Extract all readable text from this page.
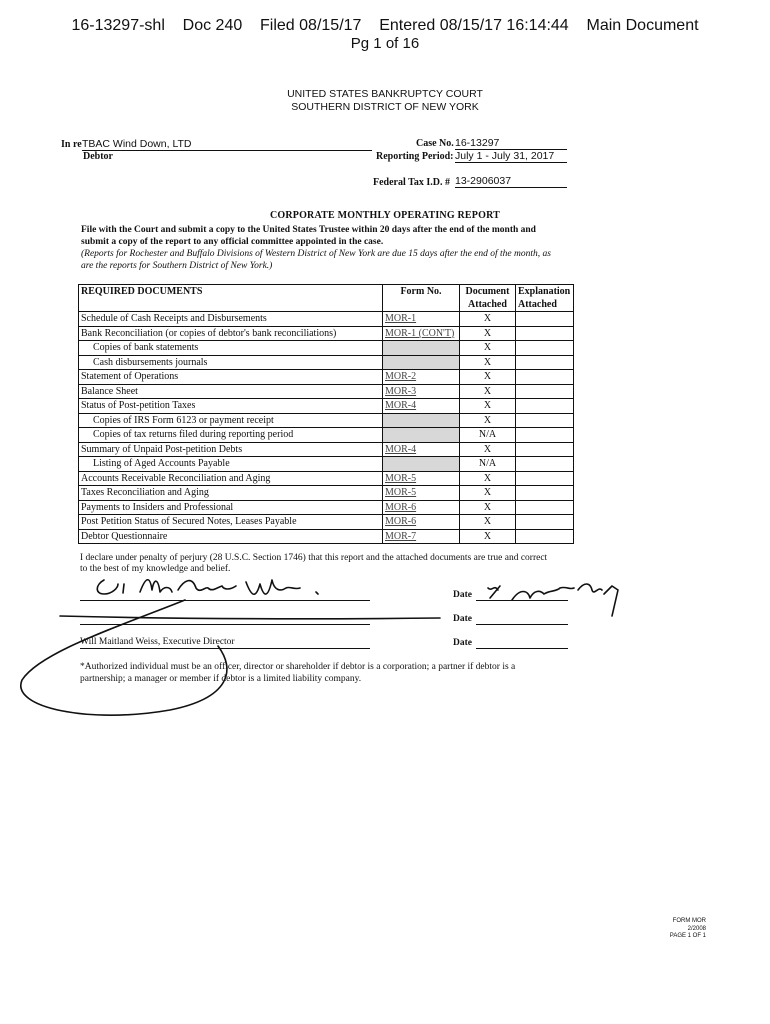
16-13297-shl    Doc 240    Filed 08/15/17    Entered 08/15/17 16:14:44    Main Document
Pg 1 of 16
UNITED STATES BANKRUPTCY COURT
SOUTHERN DISTRICT OF NEW YORK
In re TBAC Wind Down, LTD
Debtor
Case No. 16-13297
Reporting Period: July 1 - July 31, 2017
Federal Tax I.D. # 13-2906037
CORPORATE MONTHLY OPERATING REPORT
File with the Court and submit a copy to the United States Trustee within 20 days after the end of the month and submit a copy of the report to any official committee appointed in the case.
(Reports for Rochester and Buffalo Divisions of Western District of New York are due 15 days after the end of the month, as are the reports for Southern District of New York.)
REQUIRED DOCUMENTS	Form No.	Document Attached	Explanation Attached
Schedule of Cash Receipts and Disbursements	MOR-1	X	
Bank Reconciliation (or copies of debtor's bank reconciliations)	MOR-1 (CON'T)	X	
Copies of bank statements		X	
Cash disbursements journals		X	
Statement of Operations	MOR-2	X	
Balance Sheet	MOR-3	X	
Status of Post-petition Taxes	MOR-4	X	
Copies of IRS Form 6123 or payment receipt		X	
Copies of tax returns filed during reporting period		N/A	
Summary of Unpaid Post-petition Debts	MOR-4	X	
Listing of Aged Accounts Payable		N/A	
Accounts Receivable Reconciliation and Aging	MOR-5	X	
Taxes Reconciliation and Aging	MOR-5	X	
Payments to Insiders and Professional	MOR-6	X	
Post Petition Status of Secured Notes, Leases Payable	MOR-6	X	
Debtor Questionnaire	MOR-7	X	
I declare under penalty of perjury (28 U.S.C. Section 1746) that this report and the attached documents are true and correct to the best of my knowledge and belief.
Date
Date
Will Maitland Weiss, Executive Director	Date
*Authorized individual must be an officer, director or shareholder if debtor is a corporation; a partner if debtor is a partnership; a manager or member if debtor is a limited liability company.
FORM MOR
2/2008
PAGE 1 OF 1
